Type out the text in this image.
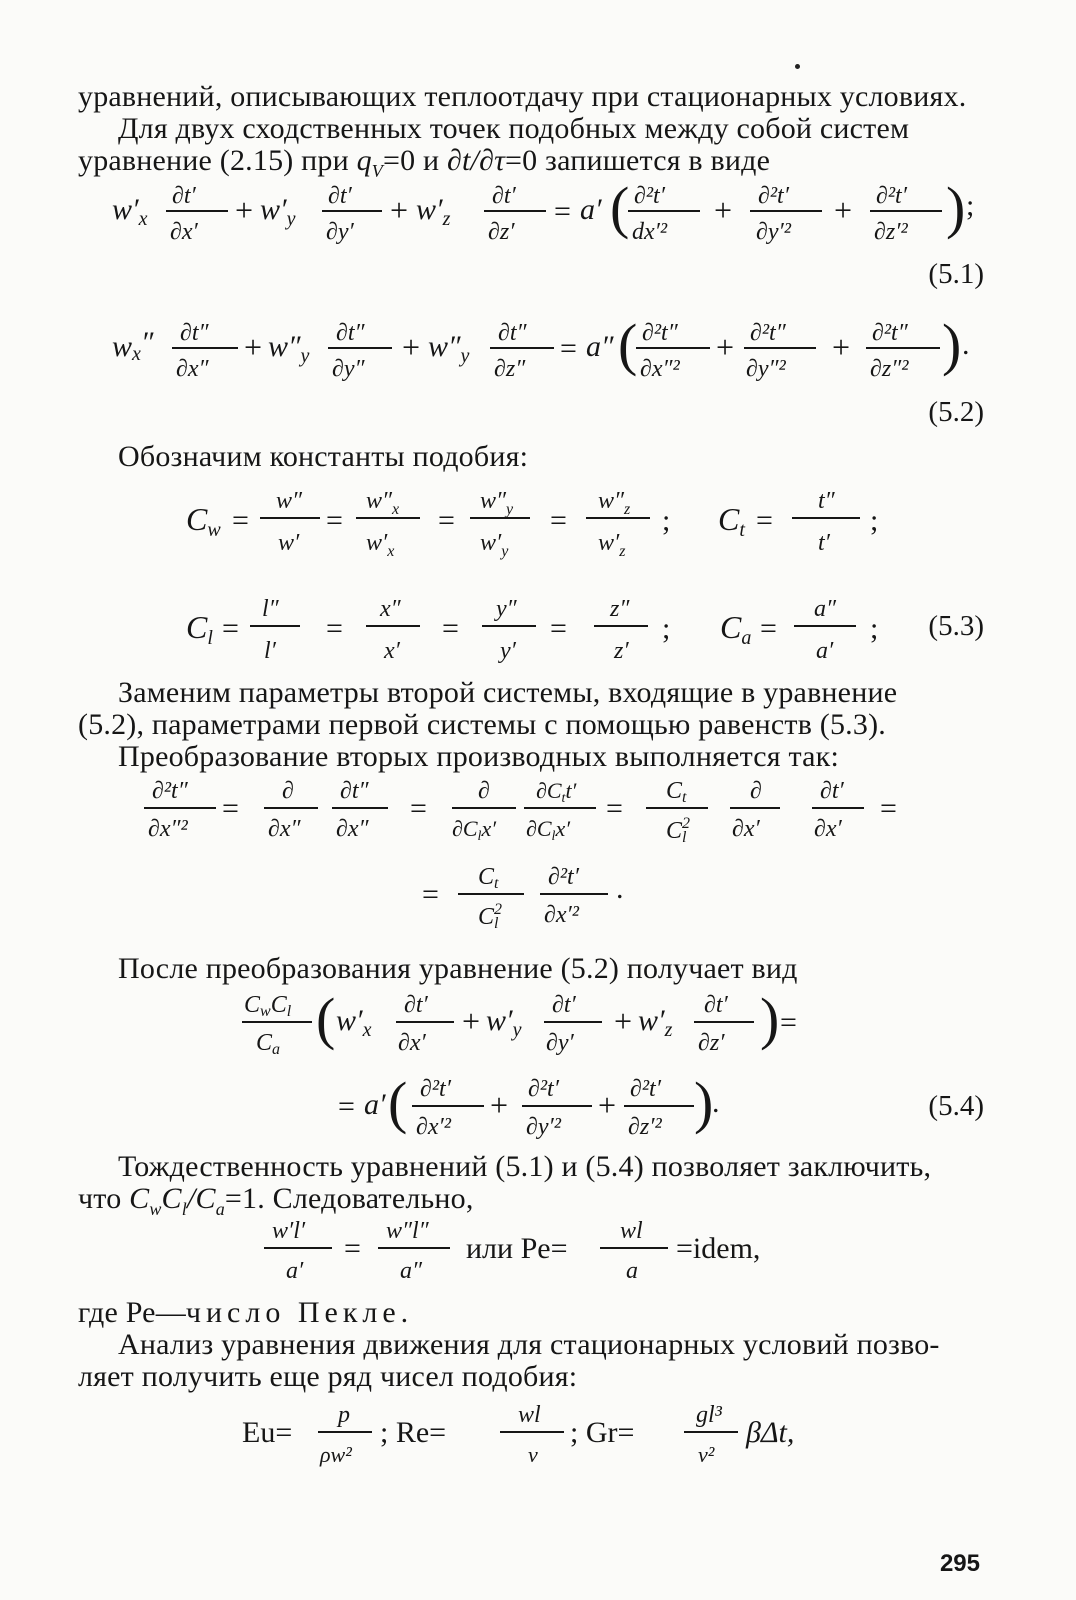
уравнений, описывающих теплоотдачу при стационарных условиях.
Для двух сходственных точек подобных между собой систем
уравнение (2.15) при $q_V=0$ и ∂t/∂τ=0 запишется в виде
$w'_x$
∂t′
∂x′
+ $w'_y$
∂t′
∂y′
+ $w'_z$
∂t′
∂z′
= a′ ( ∂²t′
dx′²
+ ∂²t′
∂y′²
+ ∂²t′
∂z′² ) ;
(5.1)
wx″ ∂t″
∂x″
+ $w''_y$
∂t″
∂y″
+ $w''_y$
∂t″
∂z″
= a″ ( ∂²t″
∂x″²
+ ∂²t″
∂y″²
+ ∂²t″
∂z″² ) .
(5.2)
Обозначим константы подобия:
Cw =
w″
w′
=
$w''_x$
$w'_x$
=
$w''_y$
$w'_y$
=
$w''_z$
$w'_z$
; Ct =
t″
t′
;
Cl =
l″
l′
=
x″
x′
=
y″
y′
=
z″
z′
; Ca =
a″
a′
; (5.3)
Заменим параметры второй системы, входящие в уравнение
(5.2), параметрами первой системы с помощью равенств (5.3).
Преобразование вторых производных выполняется так:
∂²t″
∂x″²
=
∂
∂x″
∂t″
∂x″
=
∂
∂Clx′
∂Ctt′
∂Clx′
=
Ct
$C^2$ l
∂
∂x′
∂t′
∂x′
=
=
Ct
$C^2$ l
∂²t′
∂x′²
.
После преобразования уравнение (5.2) получает вид
CwCl
Ca ( $w'_x$
∂t′
∂x′
+ $w'_y$
∂t′
∂y′
+ $w'_z$
∂t′
∂z′ ) =
= a′ ( ∂²t′
∂x′²
+ ∂²t′
∂y′²
+ ∂²t′
∂z′² )
.	(5.4)
Тождественность уравнений (5.1) и (5.4) позволяет заключить,
что $C_wC_l/C_a=1$. Следовательно,
w′l′
a′
=
w″l″
a″
или Pe=
wl
a
=idem,
где Ре—число Пекле.
Анализ уравнения движения для стационарных условий позво-
ляет получить еще ряд чисел подобия:
Eu=
p
ρw²
; Re=
wl
ν
; Gr=
gl³
ν²
βΔt,
295
